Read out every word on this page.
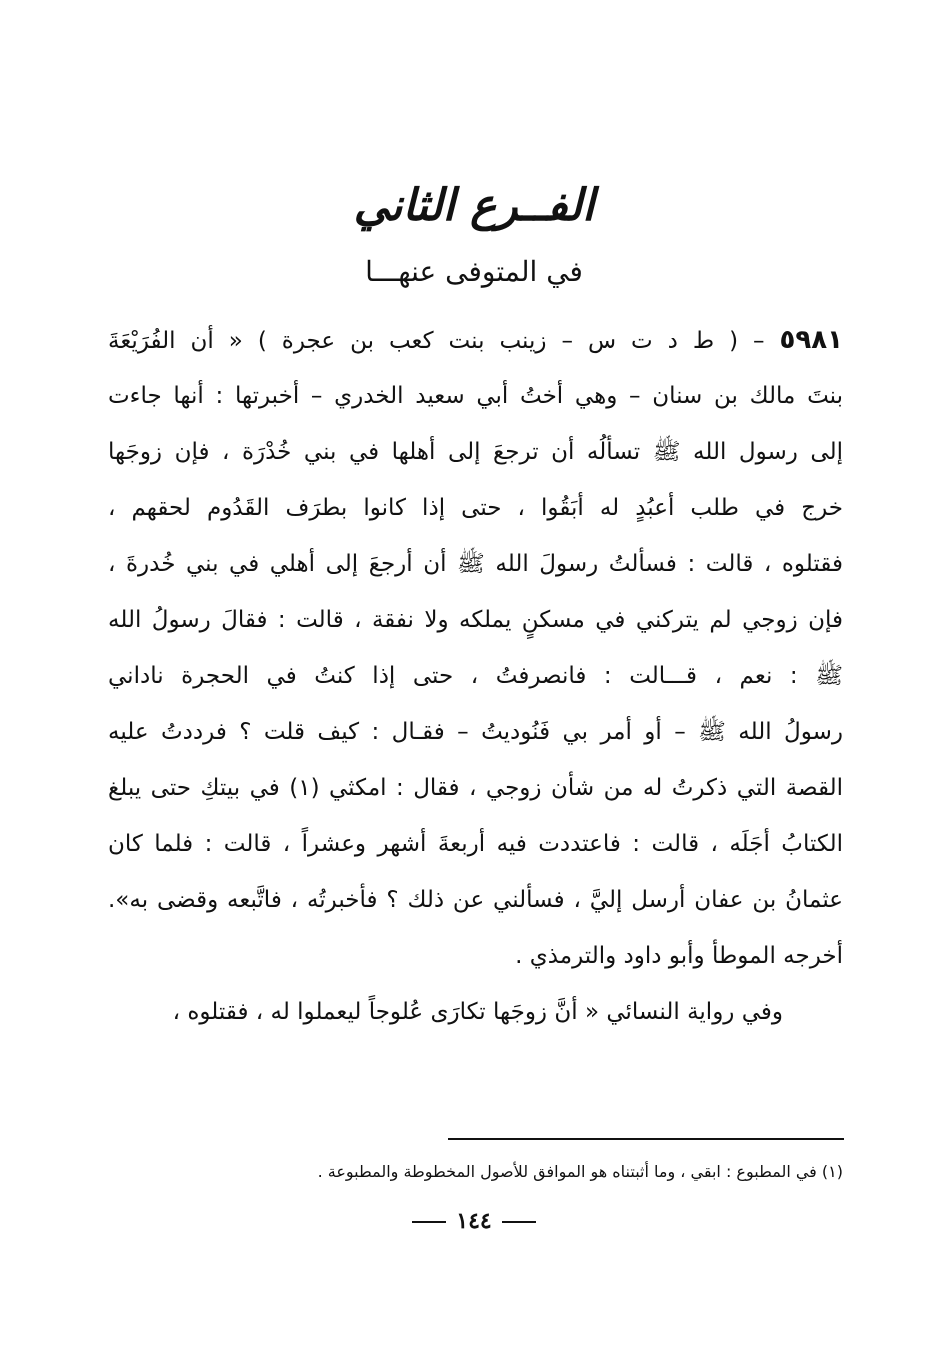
الفــرع الثاني
في المتوفى عنهـــا
٥٩٨١ – ( ط د ت س – زينب بنت كعب بن عجرة ) « أن الفُرَيْعَةَ
بنتَ مالك بن سنان – وهي أختُ أبي سعيد الخدري – أخبرتها : أنها جاءت
إلى رسول الله ﷺ تسألُه أن ترجعَ إلى أهلها في بني خُدْرَة ، فإن زوجَها
خرج في طلب أعبُدٍ له أبَقُوا ، حتى إذا كانوا بطرَف القَدُوم لحقهم ،
فقتلوه ، قالت : فسألتُ رسولَ الله ﷺ أن أرجعَ إلى أهلي في بني خُدرةَ ،
فإن زوجي لم يتركني في مسكنٍ يملكه ولا نفقة ، قالت : فقالَ رسولُ الله
ﷺ : نعم ، قـــالت : فانصرفتُ ، حتى إذا كنتُ في الحجرة ناداني
رسولُ الله ﷺ – أو أمر بي فَنُوديتُ – فقـال : كيف قلت ؟ فرددتُ عليه
القصة التي ذكرتُ له من شأن زوجي ، فقال : امكثي (١) في بيتكِ حتى يبلغ
الكتابُ أجَلَه ، قالت : فاعتددت فيه أربعةَ أشهر وعشراً ، قالت : فلما كان
عثمانُ بن عفان أرسل إليَّ ، فسألني عن ذلك ؟ فأخبرتُه ، فاتَّبعه وقضى به».
أخرجه الموطأ وأبو داود والترمذي .
وفي رواية النسائي « أنَّ زوجَها تكارَى عُلوجاً ليعملوا له ، فقتلوه ،
(١) في المطبوع : ابقي ، وما أثبتناه هو الموافق للأصول المخطوطة والمطبوعة .
١٤٤
